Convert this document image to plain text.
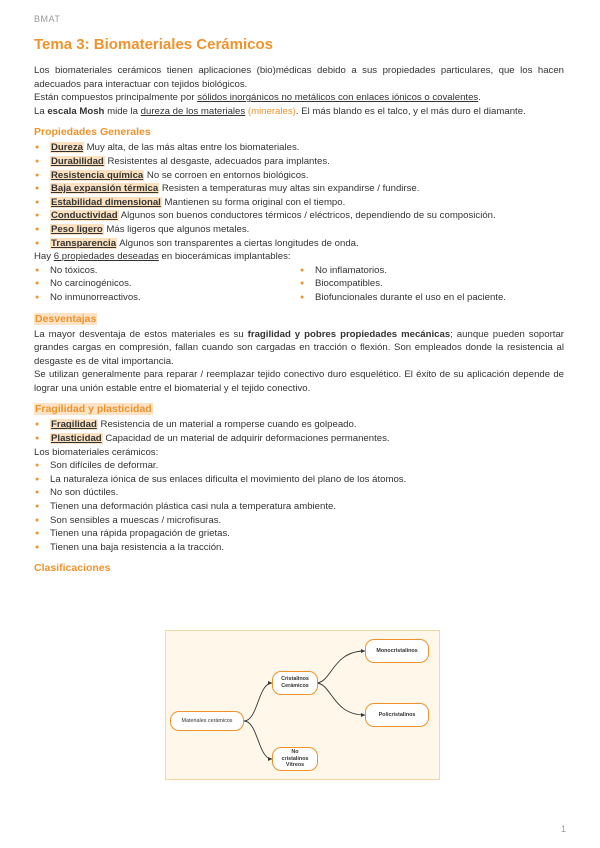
BMAT
Tema 3: Biomateriales Cerámicos

Los biomateriales cerámicos tienen aplicaciones (bio)médicas debido a sus propiedades particulares, que los hacen adecuados para interactuar con tejidos biológicos.

Están compuestos principalmente por sólidos inorgánicos no metálicos con enlaces iónicos o covalentes.

La escala Mosh mide la dureza de los materiales (minerales). El más blando es el talco, y el más duro el diamante.

Propiedades Generales
● Dureza Muy alta, de las más altas entre los biomateriales.
● Durabilidad Resistentes al desgaste, adecuados para implantes.
● Resistencia química No se corroen en entornos biológicos.
● Baja expansión térmica Resisten a temperaturas muy altas sin expandirse / fundirse.
● Estabilidad dimensional Mantienen su forma original con el tiempo.
● Conductividad Algunos son buenos conductores térmicos / eléctricos, dependiendo de su composición.
● Peso ligero Más ligeros que algunos metales.
● Transparencia Algunos son transparentes a ciertas longitudes de onda.

Hay 6 propiedades deseadas en biocerámicas implantables:

● No tóxicos.
● No carcinogénicos.
● No inmunorreactivos.
● No inflamatorios.
● Biocompatibles.
● Biofuncionales durante el uso en el paciente.
Desventajas

La mayor desventaja de estos materiales es su fragilidad y pobres propiedades mecánicas; aunque pueden soportar grandes cargas en compresión, fallan cuando son cargadas en tracción o flexión. Son empleados donde la resistencia al desgaste es de vital importancia.

Se utilizan generalmente para reparar / reemplazar tejido conectivo duro esquelético. El éxito de su aplicación depende de lograr una unión estable entre el biomaterial y el tejido conectivo.

Fragilidad y plasticidad
● Fragilidad Resistencia de un material a romperse cuando es golpeado.
● Plasticidad Capacidad de un material de adquirir deformaciones permanentes.

Los biomateriales cerámicos:

● Son difíciles de deformar.
● La naturaleza iónica de sus enlaces dificulta el movimiento del plano de los átomos.
● No son dúctiles.
● Tienen una deformación plástica casi nula a temperatura ambiente.
● Son sensibles a muescas / microfisuras.
● Tienen una rápida propagación de grietas.
● Tienen una baja resistencia a la tracción.
Clasificaciones
Materiales cerámicos
Cristalinos Cerámicos
No cristalinos Vítreos
Monocristalinos
Policristalinos
1
